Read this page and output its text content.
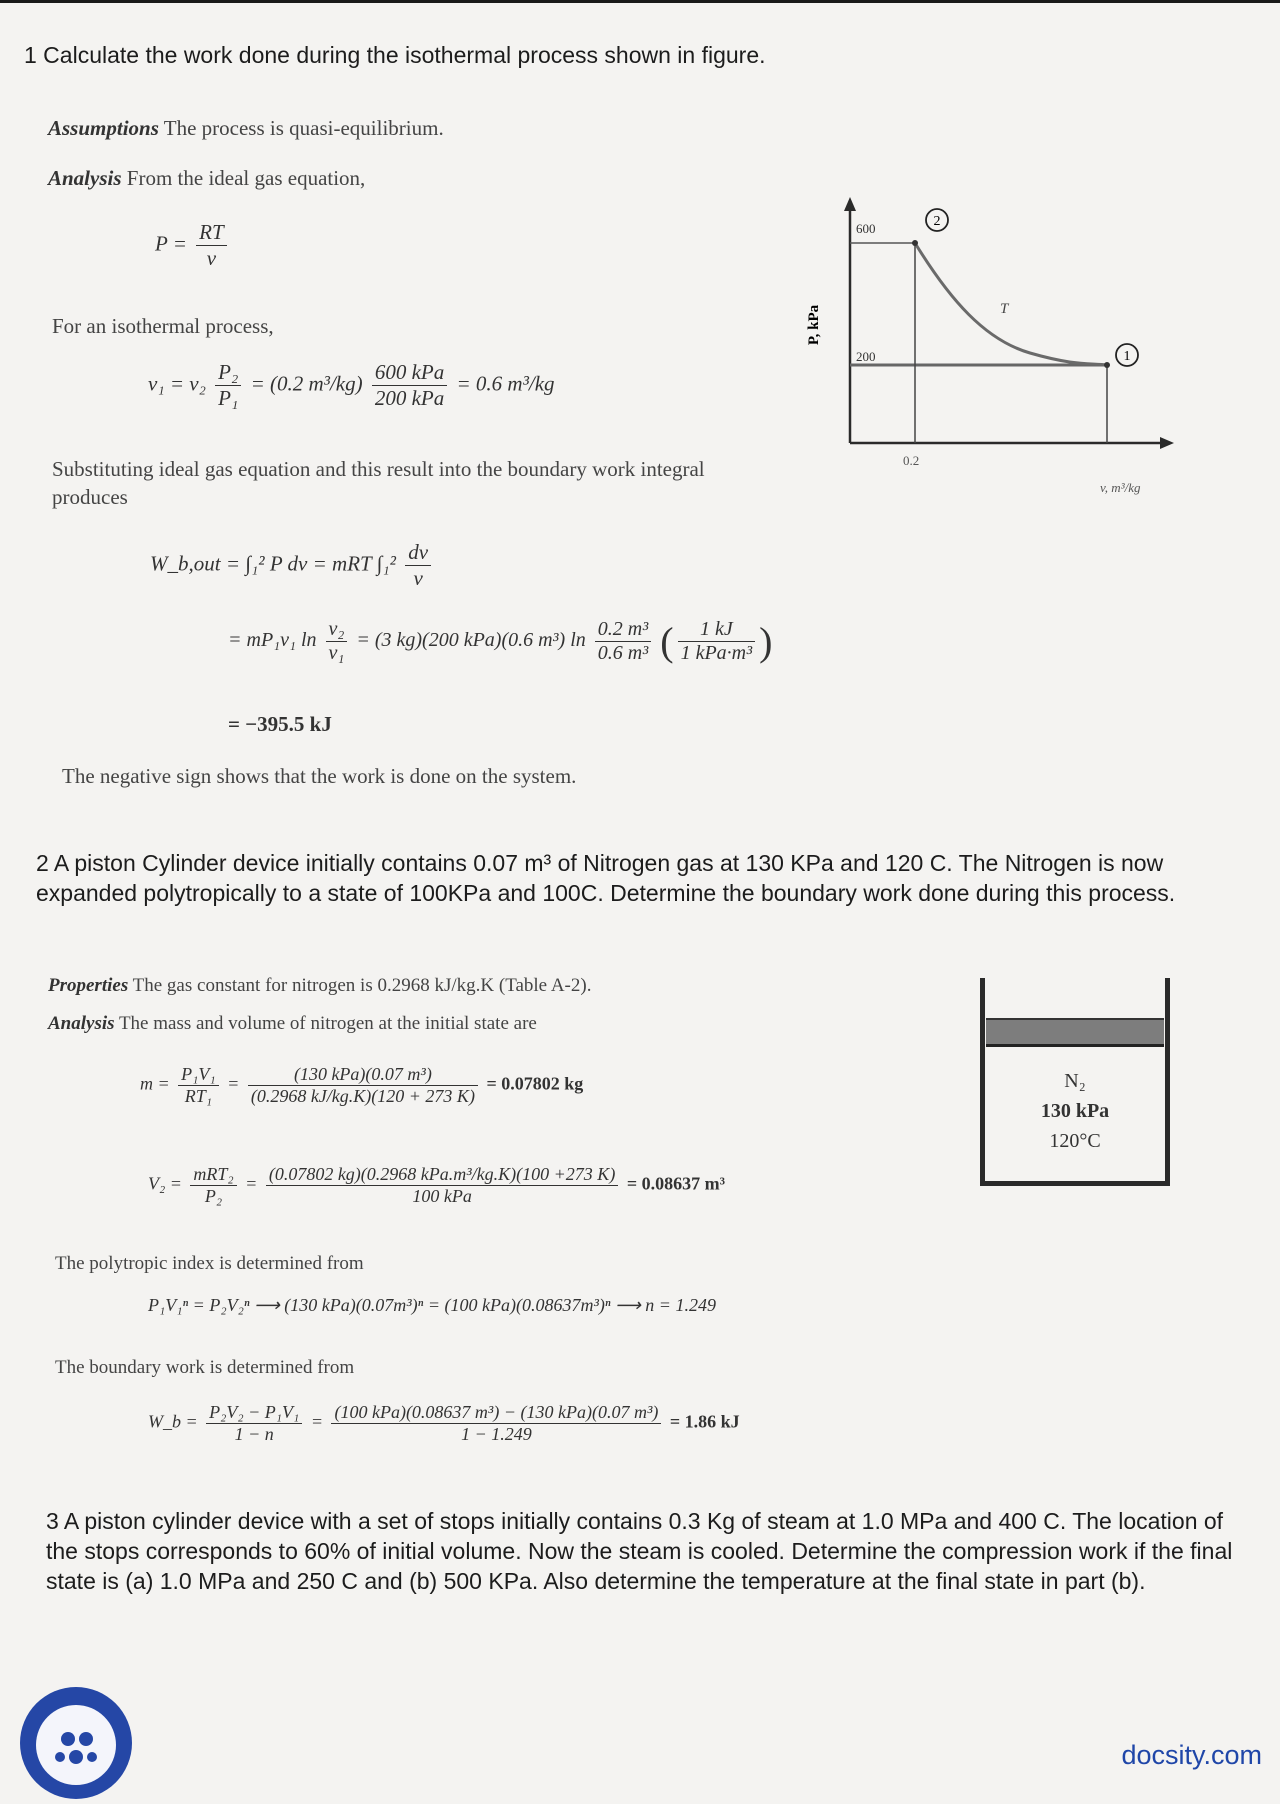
1 Calculate the work done during the isothermal process shown in figure.
Assumptions The process is quasi-equilibrium.
Analysis From the ideal gas equation,
$P = \frac{RT}{v}$
For an isothermal process,
$v_1 = v_2 \frac{\text{P₂}}{\text{P₁}} = (0.2$ $m^3/kg) \frac{\text{600 kPa}}{\text{200 kPa}} = 0.6$ m³/kg
Substituting ideal gas equation and this result into the boundary work integral produces
W_b,out = ∫₁² P dv = mRT $\int_1^2 \frac{dv}{v}$
= mP₁v₁ $\ln \frac{\text{v₂}}{\text{v₁}} = (3$ kg)(200 kPa)(0.6 m³) $\ln \frac{\text{0.2 m³}}{\text{0.6 m³}}$ ( $\frac{1 kJ}{\text{1 kPa·m³}}$ )
= −395.5 kJ
The negative sign shows that the work is done on the system.
P, kPa
600
200
0.2
v, m³/kg
2
1
T
2 A piston Cylinder device initially contains 0.07 m³ of Nitrogen gas at 130 KPa and 120 C. The Nitrogen is now expanded polytropically to a state of 100KPa and 100C. Determine the boundary work done during this process.
Properties The gas constant for nitrogen is 0.2968 kJ/kg.K (Table A-2).
Analysis The mass and volume of nitrogen at the initial state are
$m = \frac{\text{P₁V₁}}{\text{RT₁}} = \frac{\text{(130 kPa)(0.07 m³)}}{(0.2968 kJ/kg.K)(120 + 273 K)} = 0.07802$ kg
$V_2 = \frac{\text{mRT₂}}{\text{P₂}} = \frac{\text{(0.07802 kg)(0.2968 kPa.m³/kg.K)(100 +273 K)}}{\text{100 kPa}} = 0.08637$ m³
The polytropic index is determined from
P₁V₁ⁿ = P₂V₂ⁿ ⟶ (130 kPa)(0.07m³)ⁿ = (100 kPa)(0.08637m³)ⁿ ⟶ n = 1.249
The boundary work is determined from
W_b = $\frac{\text{P₂V₂ − P₁V₁}}{1 - n} = \frac{\text{(100 kPa)(0.08637 m³) − (130 kPa)(0.07 m³)}}{1 - 1.249} = 1.86$ kJ
N₂
130 kPa
120°C
3 A piston cylinder device with a set of stops initially contains 0.3 Kg of steam at 1.0 MPa and 400 C. The location of the stops corresponds to 60% of initial volume. Now the steam is cooled. Determine the compression work if the final state is (a) 1.0 MPa and 250 C and (b) 500 KPa. Also determine the temperature at the final state in part (b).
docsity.com
